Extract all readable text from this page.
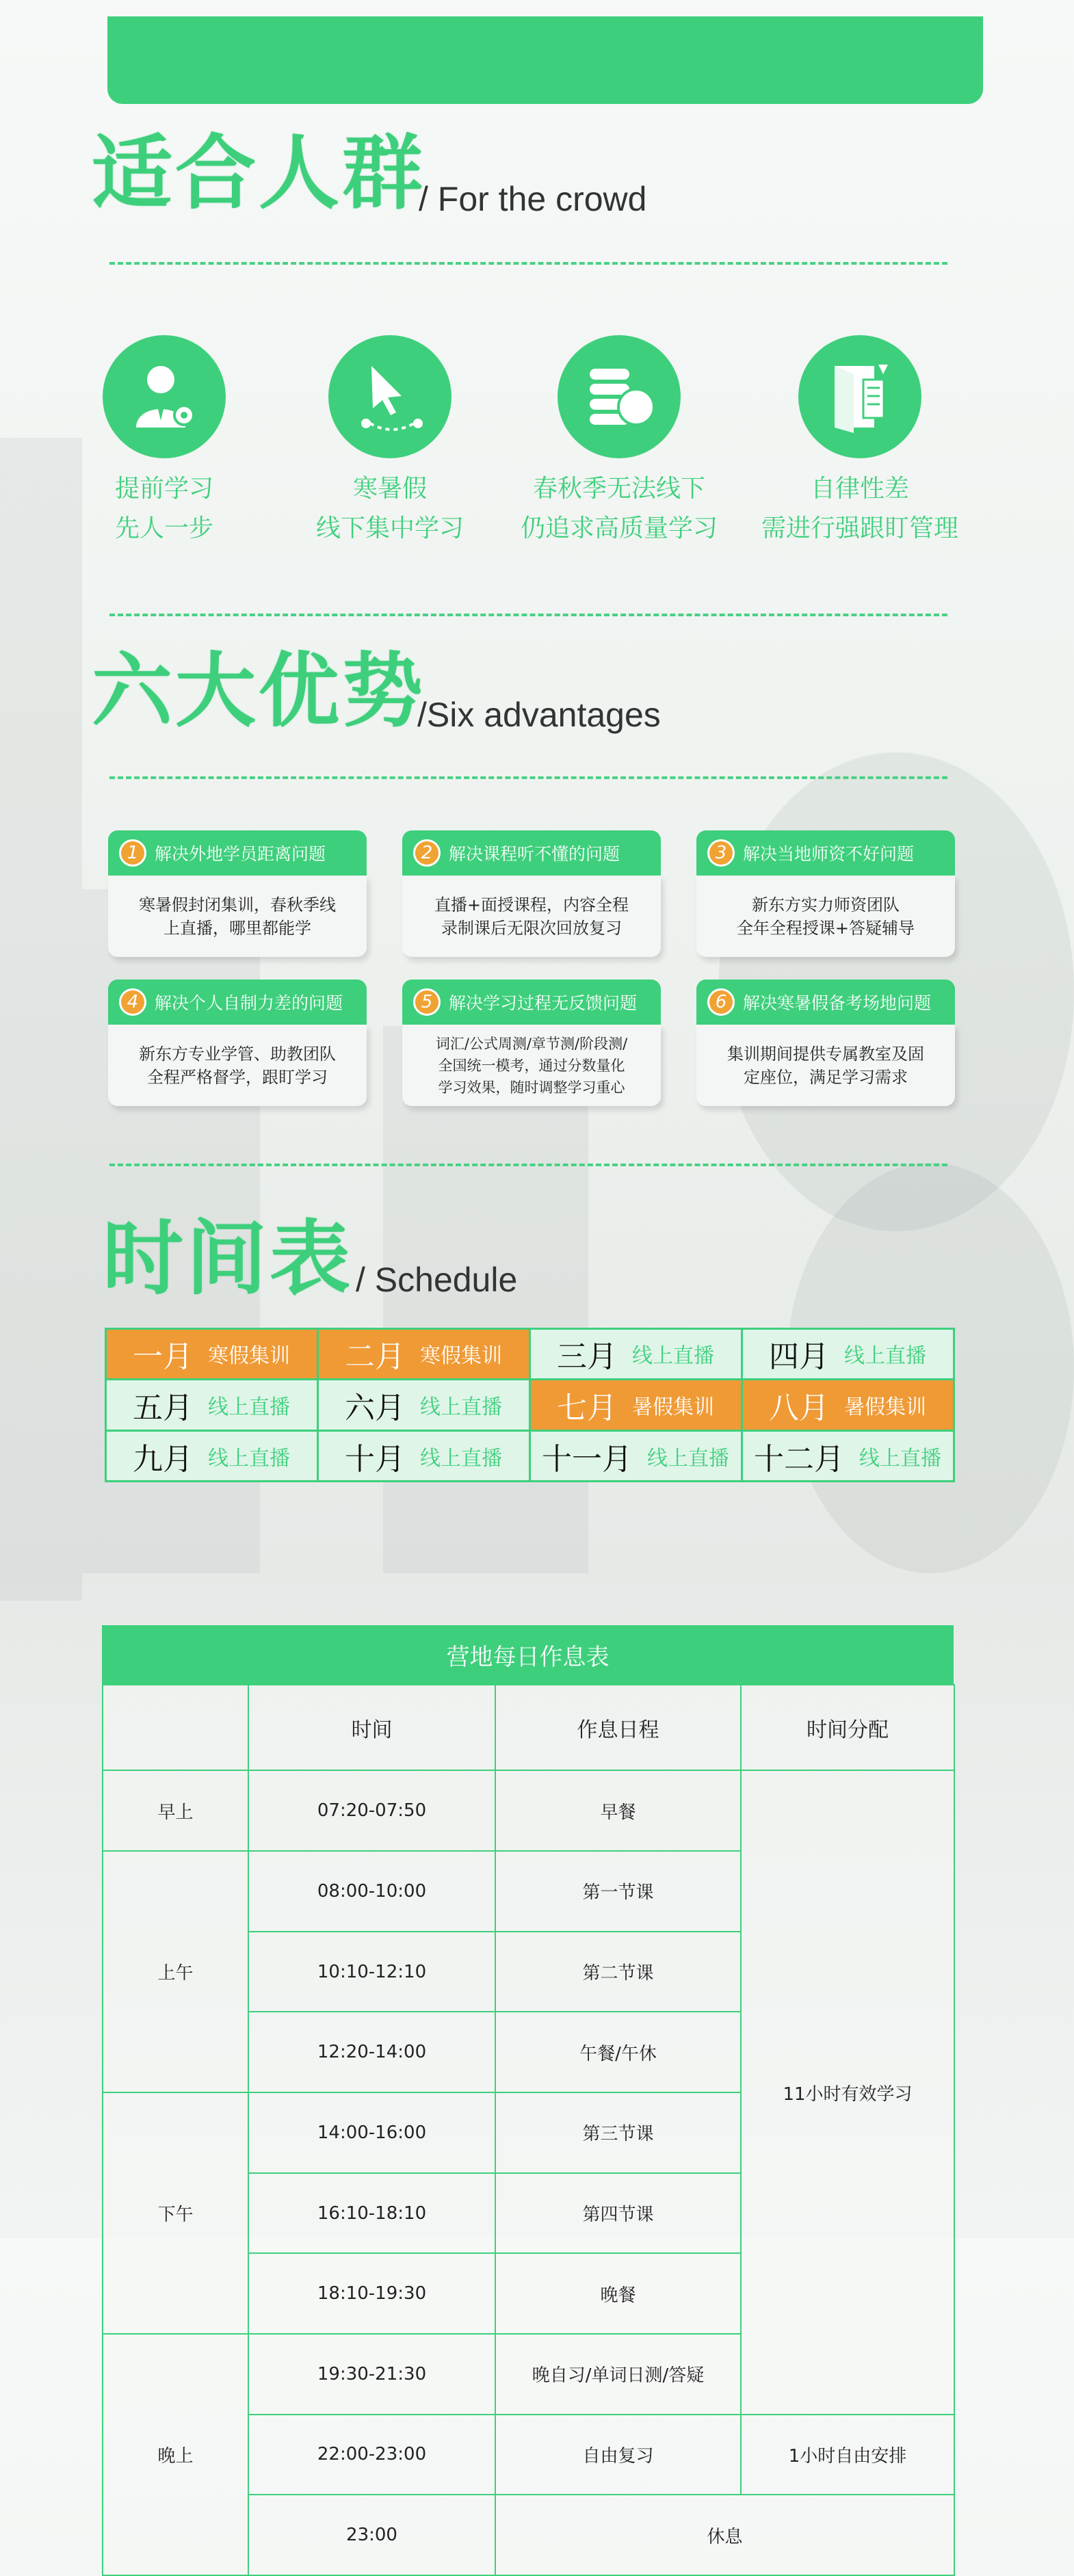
适合人群
/ For the crowd
提前学习
先人一步
寒暑假
线下集中学习
春秋季无法线下
仍追求高质量学习
自律性差
需进行强跟盯管理
六大优势
/Six advantages
1 解决外地学员距离问题
寒暑假封闭集训，春秋季线
上直播，哪里都能学
2 解决课程听不懂的问题
直播+面授课程，内容全程
录制课后无限次回放复习
3 解决当地师资不好问题
新东方实力师资团队
全年全程授课+答疑辅导
4 解决个人自制力差的问题
新东方专业学管、助教团队
全程严格督学，跟盯学习
5 解决学习过程无反馈问题
词汇/公式周测/章节测/阶段测/
全国统一模考，通过分数量化
学习效果，随时调整学习重心
6 解决寒暑假备考场地问题
集训期间提供专属教室及固
定座位，满足学习需求
时间表 / Schedule
一月 寒假集训 二月 寒假集训 三月 线上直播 四月 线上直播
五月 线上直播 六月 线上直播 七月 暑假集训 八月 暑假集训
九月 线上直播 十月 线上直播 十一月 线上直播 十二月 线上直播
营地每日作息表
	时间	作息日程	时间分配
早上	07:20-07:50	早餐	11小时有效学习
上午	08:00-10:00	第一节课	
	10:10-12:10	第二节课	
	12:20-14:00	午餐/午休	
下午	14:00-16:00	第三节课	
	16:10-18:10	第四节课	
	18:10-19:30	晚餐	
晚上	19:30-21:30	晚自习/单词日测/答疑	
	22:00-23:00	自由复习	1小时自由安排
	23:00	休息	
